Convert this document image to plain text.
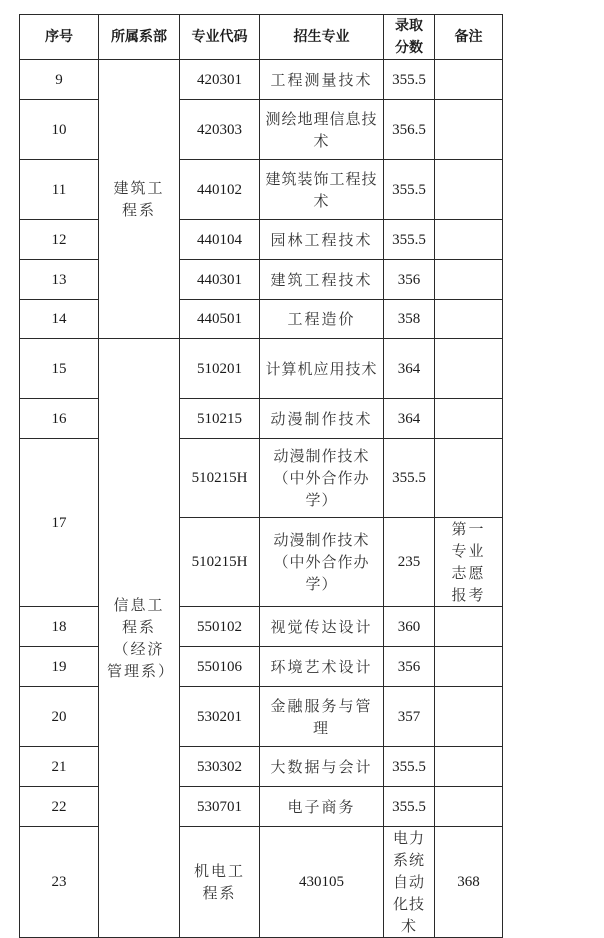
序号	所属系部	专业代码	招生专业	录取分数	备注	
9	建筑工程系	420301	工程测量技术	355.5		
10		420303	测绘地理信息技术	356.5		
11		440102	建筑装饰工程技术	355.5		
12		440104	园林工程技术	355.5		
13		440301	建筑工程技术	356		
14		440501	工程造价	358		
15	信息工程系（经济管理系）	510201	计算机应用技术	364		
16		510215	动漫制作技术	364		
17		510215H	动漫制作技术（中外合作办学）	355.5		
		510215H	动漫制作技术（中外合作办学）	235	第一专业志愿报考	
18		550102	视觉传达设计	360		
19		550106	环境艺术设计	356		
20		530201	金融服务与管理	357		
21		530302	大数据与会计	355.5		
22		530701	电子商务	355.5		
23		机电工程系	430105	电力系统自动化技术	368	
